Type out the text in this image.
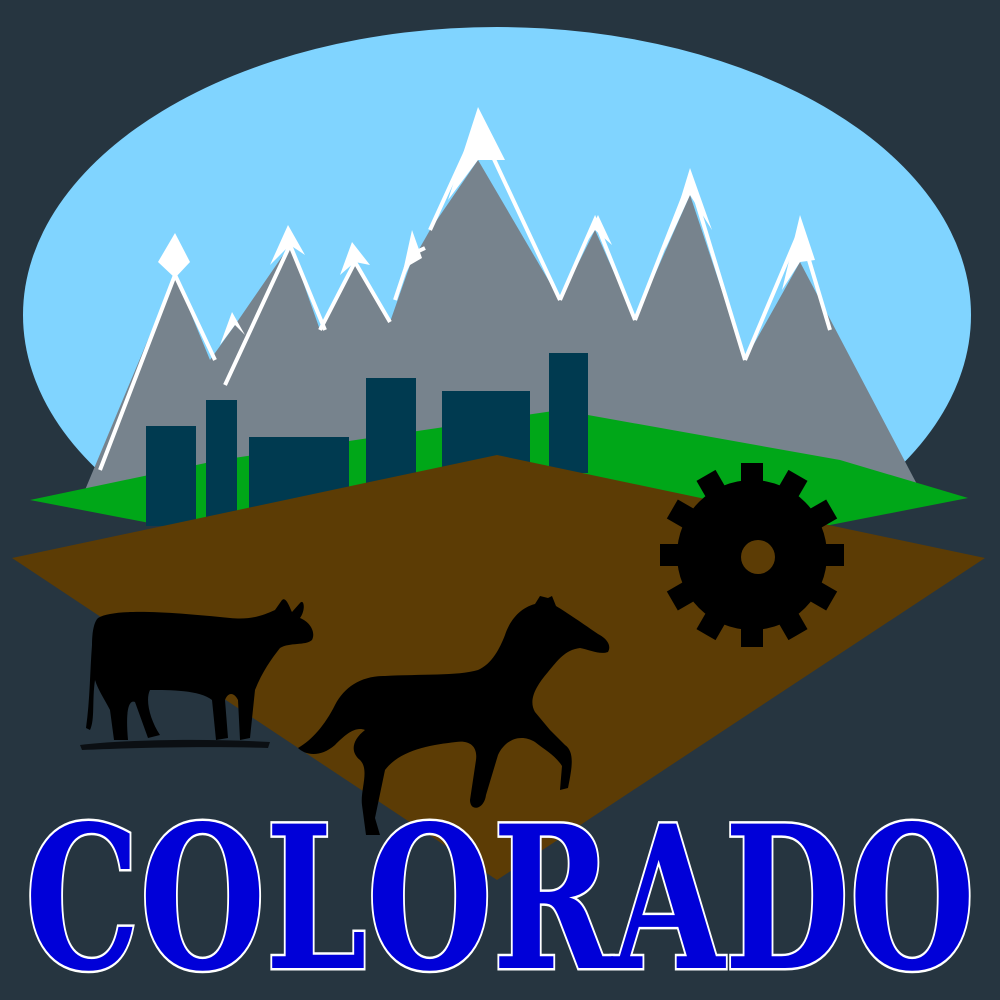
COLORADO
